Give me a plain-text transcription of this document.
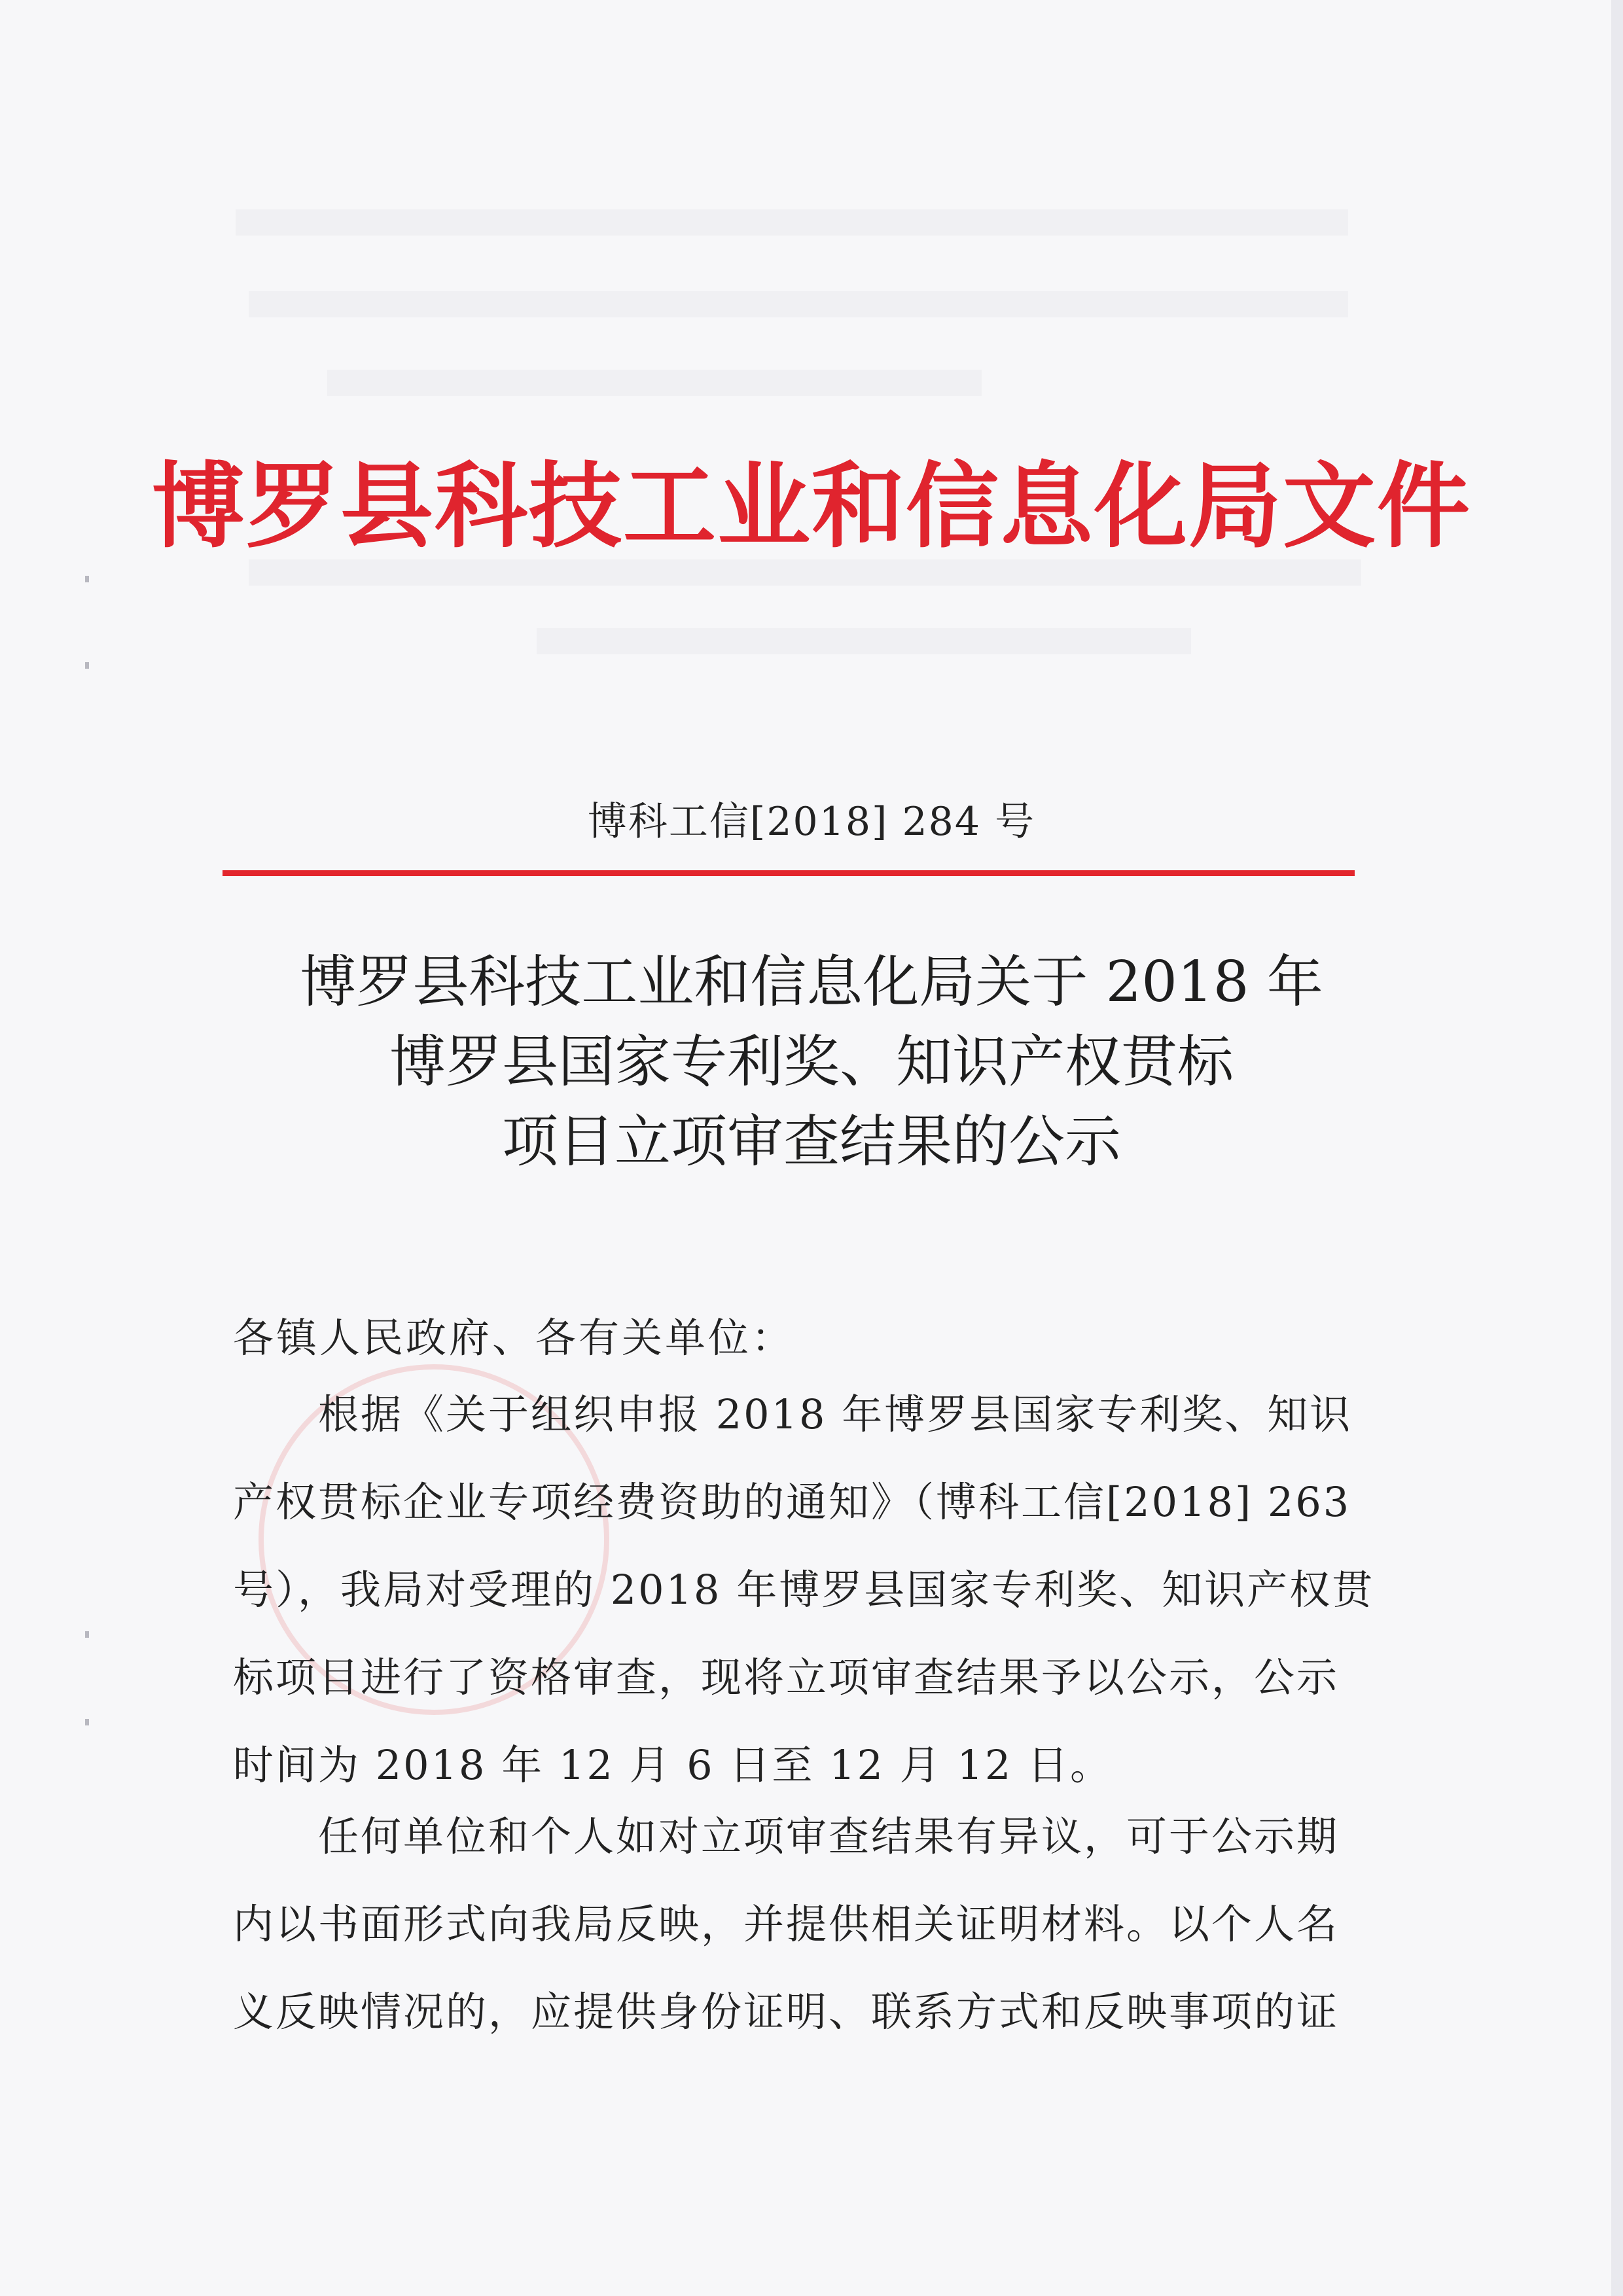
博罗县科技工业和信息化局文件
博科工信[2018] 284 号
博罗县科技工业和信息化局关于 2018 年
博罗县国家专利奖、知识产权贯标
项目立项审查结果的公示
各镇人民政府、各有关单位：
根据《关于组织申报 2018 年博罗县国家专利奖、知识
产权贯标企业专项经费资助的通知》（博科工信[2018] 263
号），我局对受理的 2018 年博罗县国家专利奖、知识产权贯
标项目进行了资格审查，现将立项审查结果予以公示，公示
时间为 2018 年 12 月 6 日至 12 月 12 日。
任何单位和个人如对立项审查结果有异议，可于公示期
内以书面形式向我局反映，并提供相关证明材料。以个人名
义反映情况的，应提供身份证明、联系方式和反映事项的证
